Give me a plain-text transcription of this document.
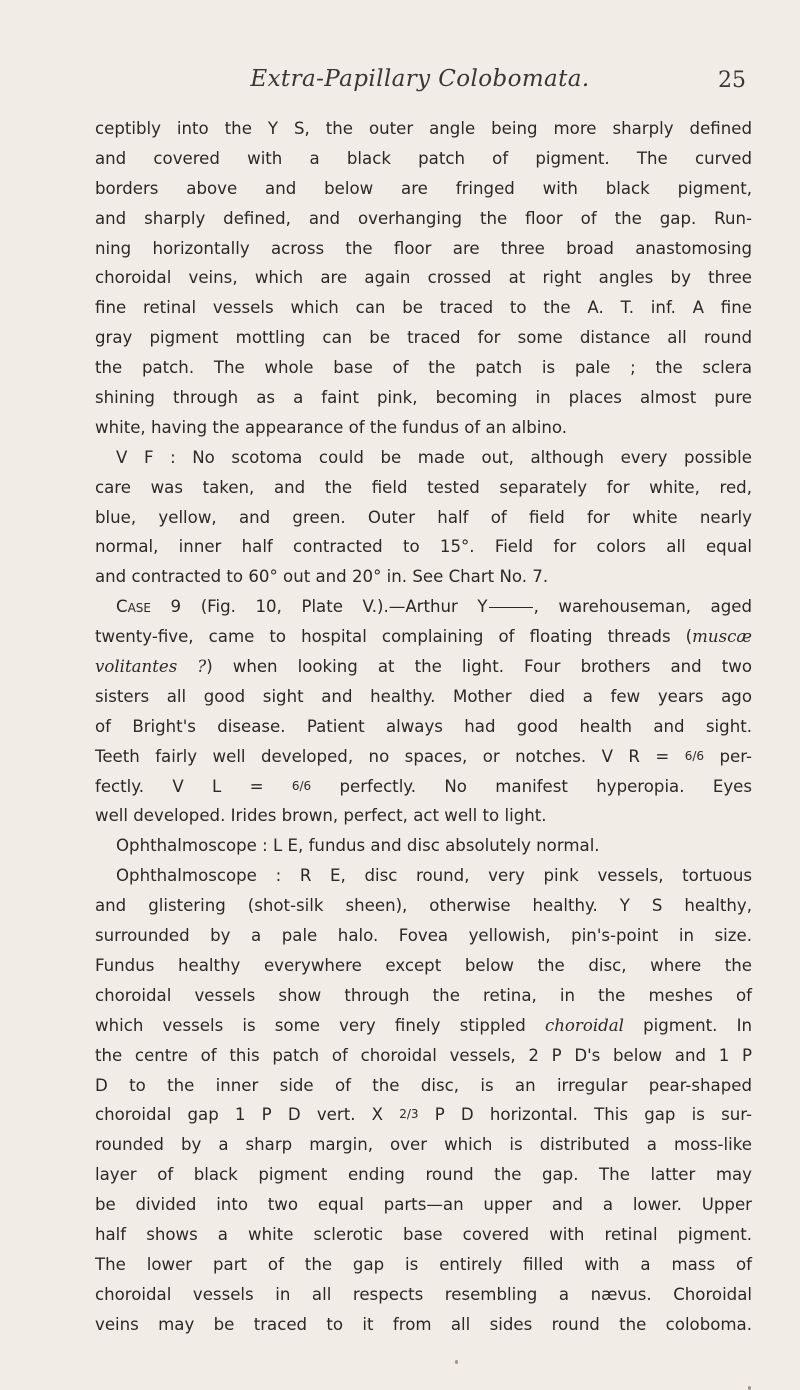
Extra-Papillary Colobomata.	25
ceptibly into the Y S, the outer angle being more sharply defined
and covered with a black patch of pigment. The curved
borders above and below are fringed with black pigment,
and sharply defined, and overhanging the floor of the gap. Run-
ning horizontally across the floor are three broad anastomosing
choroidal veins, which are again crossed at right angles by three
fine retinal vessels which can be traced to the A. T. inf. A fine
gray pigment mottling can be traced for some distance all round
the patch. The whole base of the patch is pale ; the sclera
shining through as a faint pink, becoming in places almost pure
white, having the appearance of the fundus of an albino.
V F : No scotoma could be made out, although every possible
care was taken, and the field tested separately for white, red,
blue, yellow, and green. Outer half of field for white nearly
normal, inner half contracted to 15°. Field for colors all equal
and contracted to 60° out and 20° in. See Chart No. 7.
Case 9 (Fig. 10, Plate V.).—Arthur Y	, warehouseman, aged
twenty-five, came to hospital complaining of floating threads (muscæ
volitantes ?) when looking at the light. Four brothers and two
sisters all good sight and healthy. Mother died a few years ago
of Bright's disease. Patient always had good health and sight.
Teeth fairly well developed, no spaces, or notches. V R = 6/6 per-
fectly. V L = 6/6 perfectly. No manifest hyperopia. Eyes
well developed. Irides brown, perfect, act well to light.
Ophthalmoscope : L E, fundus and disc absolutely normal.
Ophthalmoscope : R E, disc round, very pink vessels, tortuous
and glistering (shot-silk sheen), otherwise healthy. Y S healthy,
surrounded by a pale halo. Fovea yellowish, pin's-point in size.
Fundus healthy everywhere except below the disc, where the
choroidal vessels show through the retina, in the meshes of
which vessels is some very finely stippled choroidal pigment. In
the centre of this patch of choroidal vessels, 2 P D's below and 1 P
D to the inner side of the disc, is an irregular pear-shaped
choroidal gap 1 P D vert. X 2/3 P D horizontal. This gap is sur-
rounded by a sharp margin, over which is distributed a moss-like
layer of black pigment ending round the gap. The latter may
be divided into two equal parts—an upper and a lower. Upper
half shows a white sclerotic base covered with retinal pigment.
The lower part of the gap is entirely filled with a mass of
choroidal vessels in all respects resembling a nævus. Choroidal
veins may be traced to it from all sides round the coloboma.
